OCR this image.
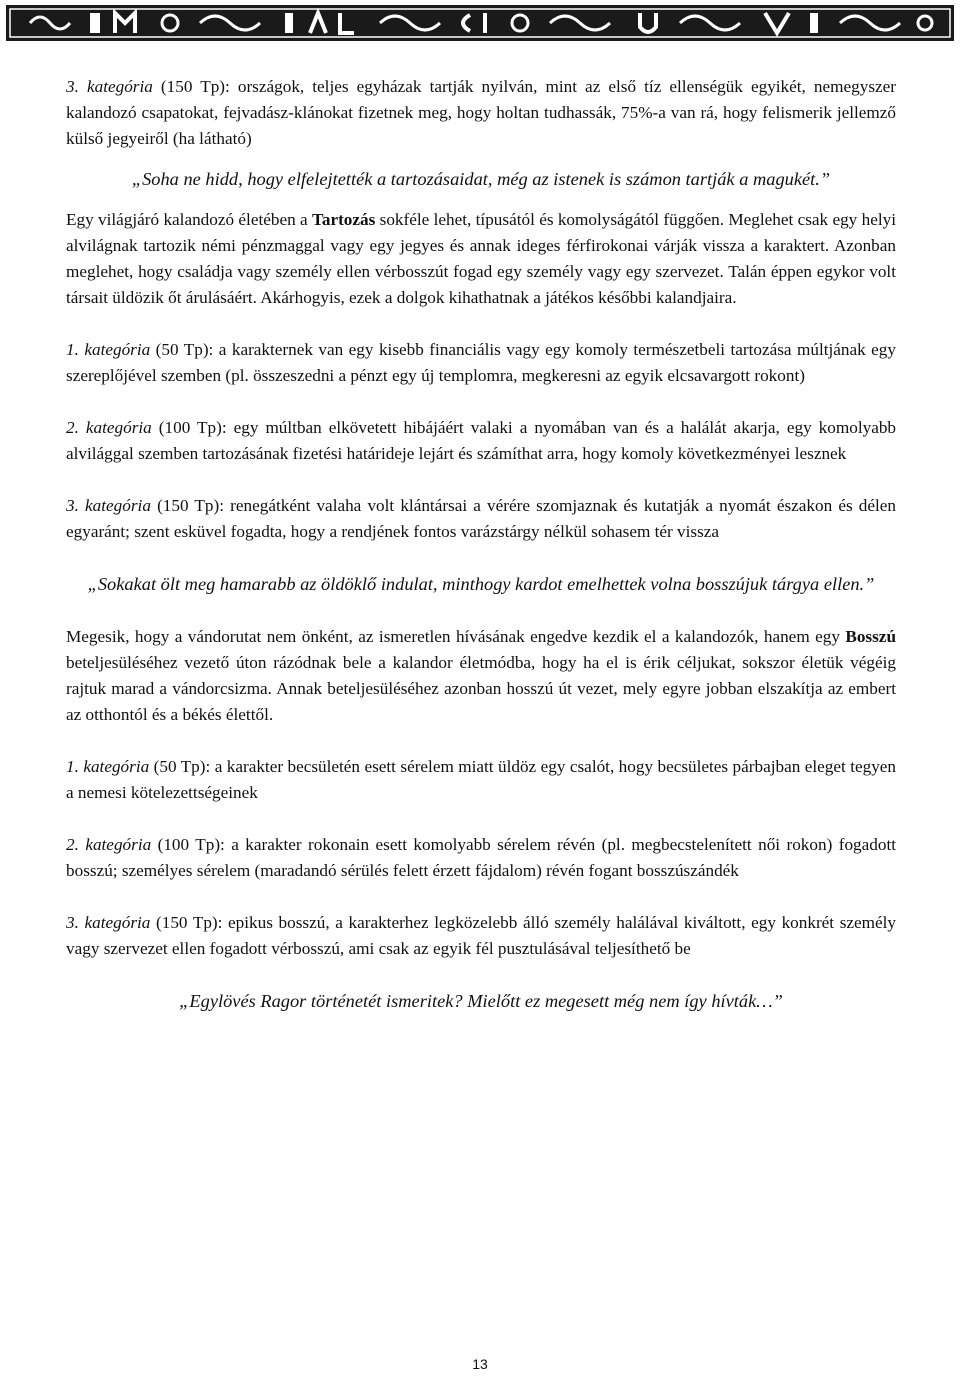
3. kategória (150 Tp): országok, teljes egyházak tartják nyilván, mint az első tíz ellenségük egyikét, nemegyszer kalandozó csapatokat, fejvadász-klánokat fizetnek meg, hogy holtan tudhassák, 75%-a van rá, hogy felismerik jellemző külső jegyeiről (ha látható)

„Soha ne hidd, hogy elfelejtették a tartozásaidat, még az istenek is számon tartják a magukét.”

Egy világjáró kalandozó életében a Tartozás sokféle lehet, típusától és komolyságától függően. Meglehet csak egy helyi alvilágnak tartozik némi pénzmaggal vagy egy jegyes és annak ideges férfirokonai várják vissza a karaktert. Azonban meglehet, hogy családja vagy személy ellen vérbosszút fogad egy személy vagy egy szervezet. Talán éppen egykor volt társait üldözik őt árulásáért. Akárhogyis, ezek a dolgok kihathatnak a játékos későbbi kalandjaira.

1. kategória (50 Tp): a karakternek van egy kisebb financiális vagy egy komoly természetbeli tartozása múltjának egy szereplőjével szemben (pl. összeszedni a pénzt egy új templomra, megkeresni az egyik elcsavargott rokont)

2. kategória (100 Tp): egy múltban elkövetett hibájáért valaki a nyomában van és a halálát akarja, egy komolyabb alvilággal szemben tartozásának fizetési határideje lejárt és számíthat arra, hogy komoly következményei lesznek

3. kategória (150 Tp): renegátként valaha volt klántársai a vérére szomjaznak és kutatják a nyomát északon és délen egyaránt; szent esküvel fogadta, hogy a rendjének fontos varázstárgy nélkül sohasem tér vissza

„Sokakat ölt meg hamarabb az öldöklő indulat, minthogy kardot emelhettek volna bosszújuk tárgya ellen.”

Megesik, hogy a vándorutat nem önként, az ismeretlen hívásának engedve kezdik el a kalandozók, hanem egy Bosszú beteljesüléséhez vezető úton rázódnak bele a kalandor életmódba, hogy ha el is érik céljukat, sokszor életük végéig rajtuk marad a vándorcsizma. Annak beteljesüléséhez azonban hosszú út vezet, mely egyre jobban elszakítja az embert az otthontól és a békés élettől.

1. kategória (50 Tp): a karakter becsületén esett sérelem miatt üldöz egy csalót, hogy becsületes párbajban eleget tegyen a nemesi kötelezettségeinek

2. kategória (100 Tp): a karakter rokonain esett komolyabb sérelem révén (pl. megbecstelenített női rokon) fogadott bosszú; személyes sérelem (maradandó sérülés felett érzett fájdalom) révén fogant bosszúszándék

3. kategória (150 Tp): epikus bosszú, a karakterhez legközelebb álló személy halálával kiváltott, egy konkrét személy vagy szervezet ellen fogadott vérbosszú, ami csak az egyik fél pusztulásával teljesíthető be

„Egylövés Ragor történetét ismeritek? Mielőtt ez megesett még nem így hívták…”

13
